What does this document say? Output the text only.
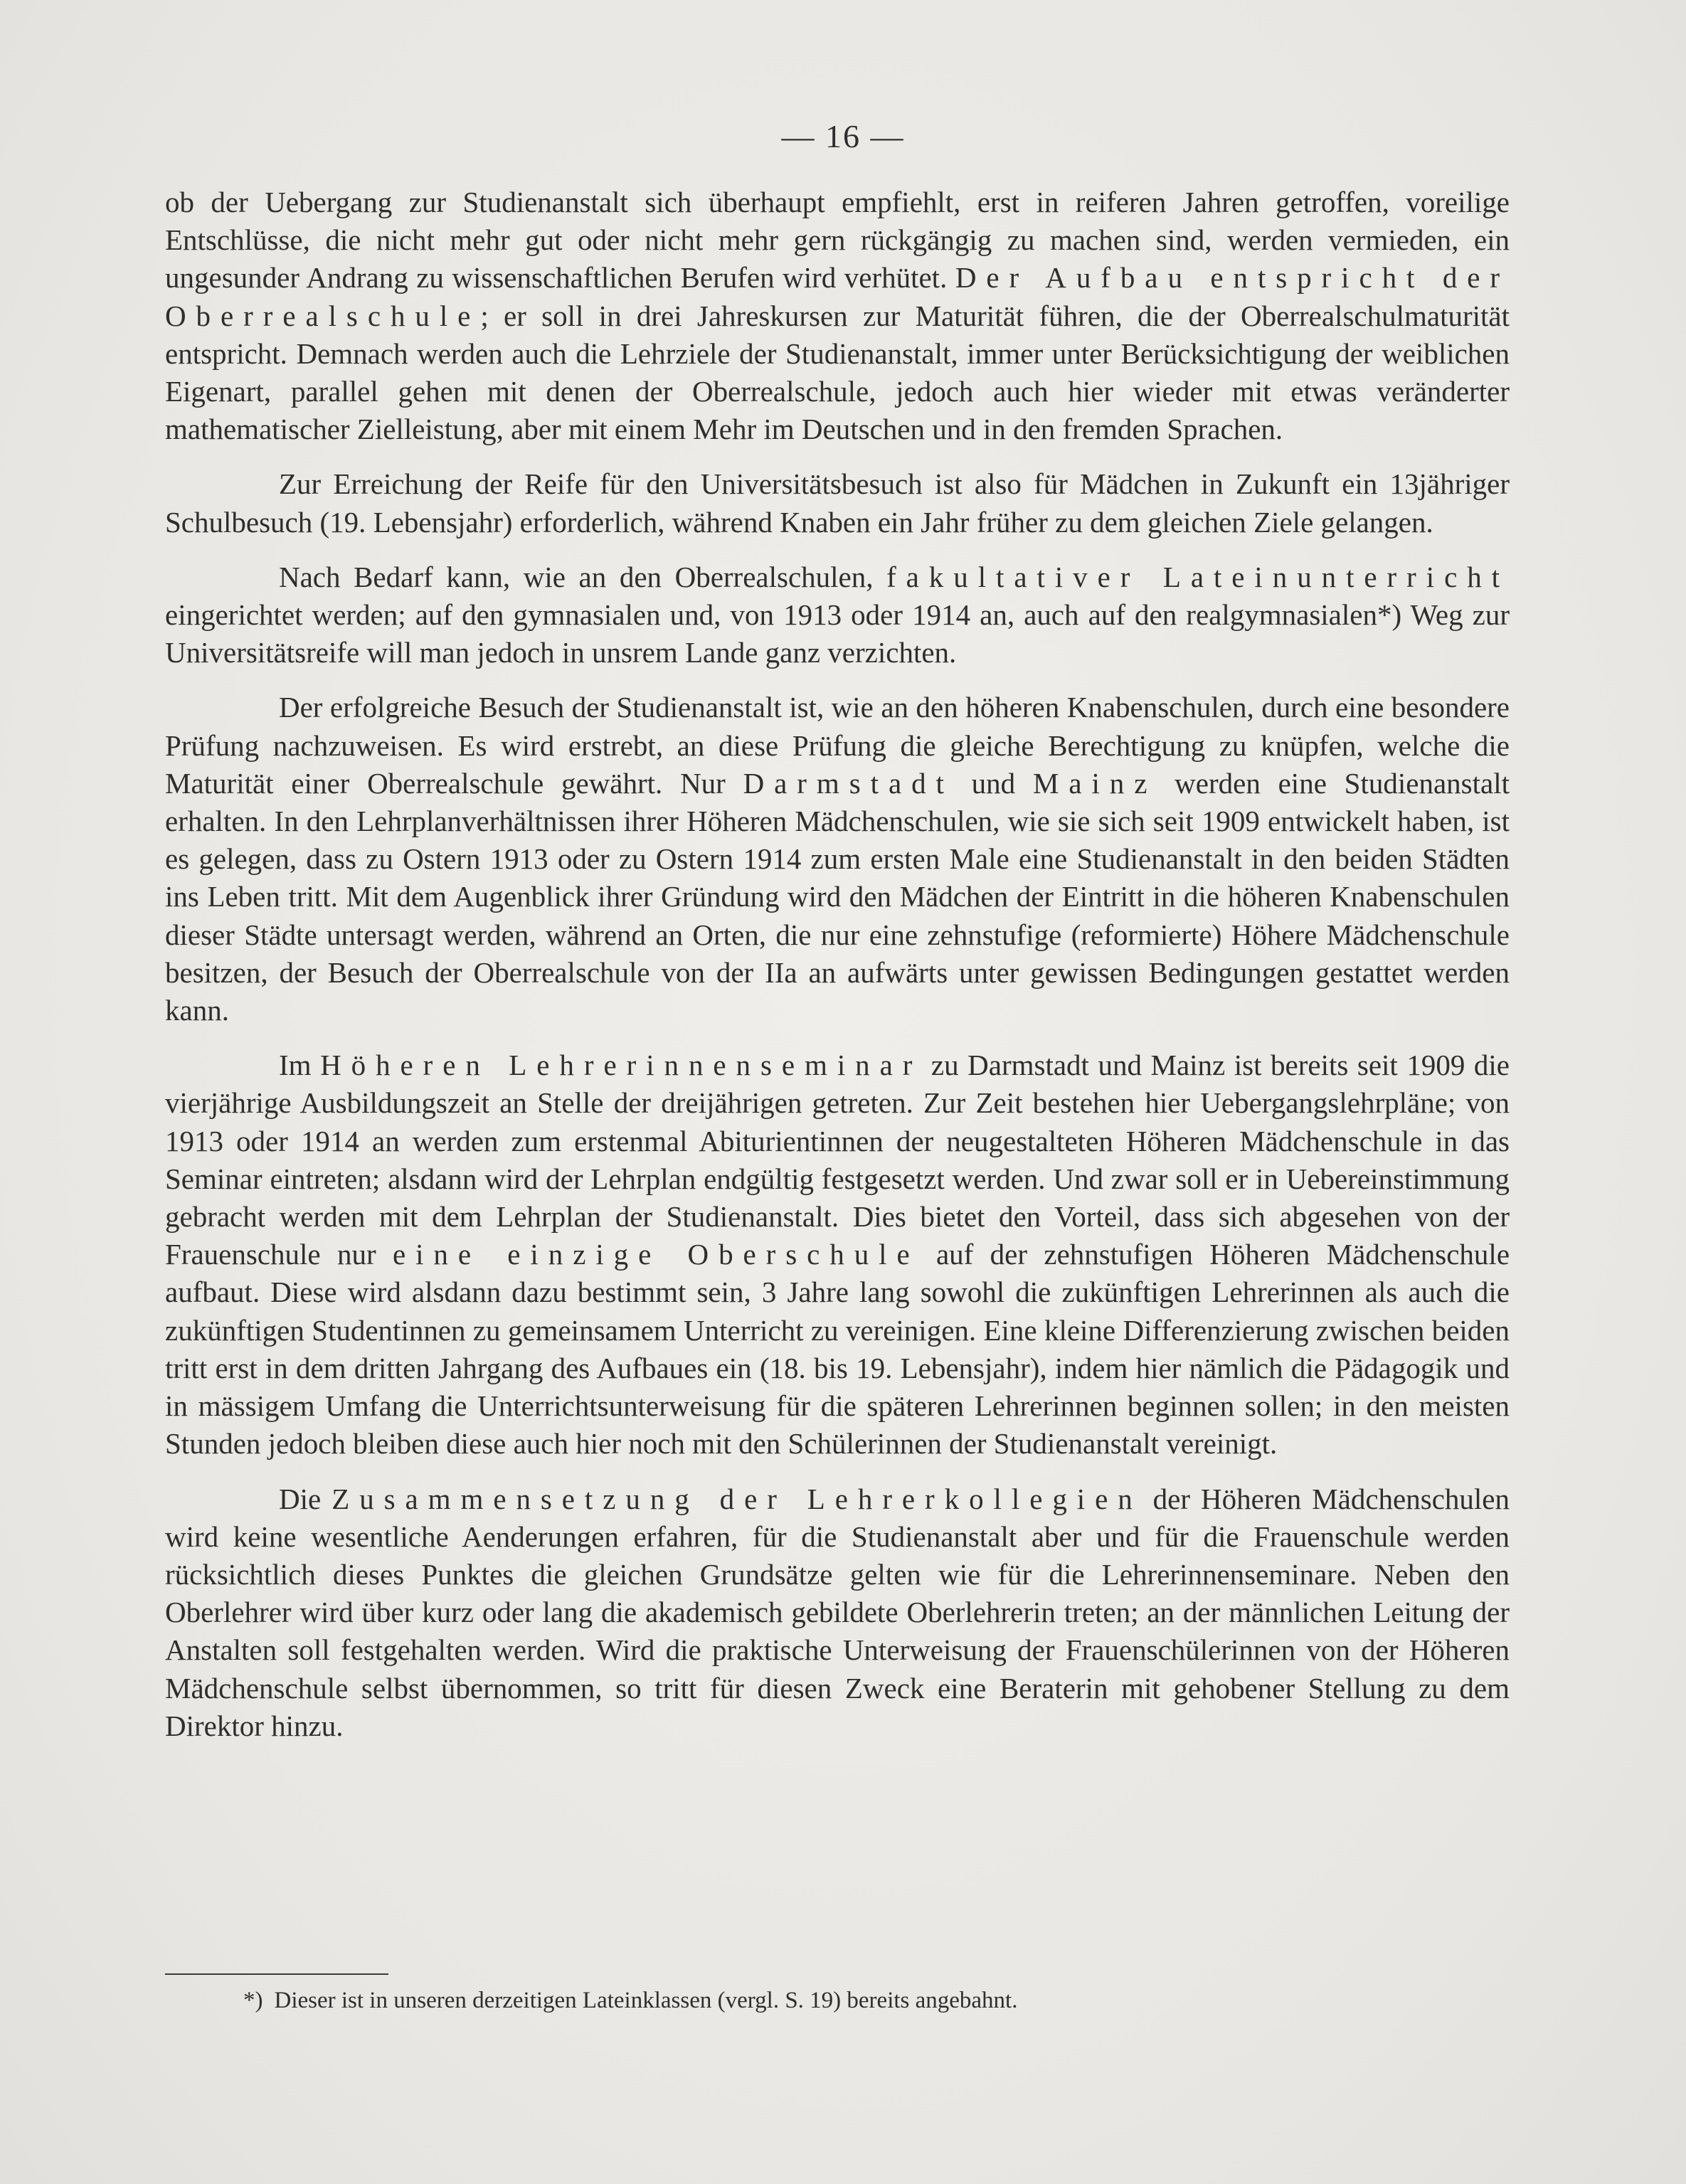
— 16 —

ob der Uebergang zur Studienanstalt sich überhaupt empfiehlt, erst in reiferen Jahren getroffen, voreilige Entschlüsse, die nicht mehr gut oder nicht mehr gern rückgängig zu machen sind, werden vermieden, ein ungesunder Andrang zu wissenschaftlichen Berufen wird verhütet. Der Aufbau entspricht der Oberrealschule; er soll in drei Jahreskursen zur Maturität führen, die der Oberrealschulmaturität entspricht. Demnach werden auch die Lehrziele der Studienanstalt, immer unter Berücksichtigung der weiblichen Eigenart, parallel gehen mit denen der Oberrealschule, jedoch auch hier wieder mit etwas veränderter mathematischer Zielleistung, aber mit einem Mehr im Deutschen und in den fremden Sprachen.

Zur Erreichung der Reife für den Universitätsbesuch ist also für Mädchen in Zukunft ein 13jähriger Schulbesuch (19. Lebensjahr) erforderlich, während Knaben ein Jahr früher zu dem gleichen Ziele gelangen.

Nach Bedarf kann, wie an den Oberrealschulen, fakultativer Lateinunterricht eingerichtet werden; auf den gymnasialen und, von 1913 oder 1914 an, auch auf den realgymnasialen*) Weg zur Universitätsreife will man jedoch in unsrem Lande ganz verzichten.

Der erfolgreiche Besuch der Studienanstalt ist, wie an den höheren Knabenschulen, durch eine besondere Prüfung nachzuweisen. Es wird erstrebt, an diese Prüfung die gleiche Berechtigung zu knüpfen, welche die Maturität einer Oberrealschule gewährt. Nur Darmstadt und Mainz werden eine Studienanstalt erhalten. In den Lehrplanverhältnissen ihrer Höheren Mädchenschulen, wie sie sich seit 1909 entwickelt haben, ist es gelegen, dass zu Ostern 1913 oder zu Ostern 1914 zum ersten Male eine Studienanstalt in den beiden Städten ins Leben tritt. Mit dem Augenblick ihrer Gründung wird den Mädchen der Eintritt in die höheren Knabenschulen dieser Städte untersagt werden, während an Orten, die nur eine zehnstufige (reformierte) Höhere Mädchenschule besitzen, der Besuch der Oberrealschule von der IIa an aufwärts unter gewissen Bedingungen gestattet werden kann.

Im Höheren Lehrerinnenseminar zu Darmstadt und Mainz ist bereits seit 1909 die vierjährige Ausbildungszeit an Stelle der dreijährigen getreten. Zur Zeit bestehen hier Uebergangslehrpläne; von 1913 oder 1914 an werden zum erstenmal Abiturientinnen der neugestalteten Höheren Mädchenschule in das Seminar eintreten; alsdann wird der Lehrplan endgültig festgesetzt werden. Und zwar soll er in Uebereinstimmung gebracht werden mit dem Lehrplan der Studienanstalt. Dies bietet den Vorteil, dass sich abgesehen von der Frauenschule nur eine einzige Oberschule auf der zehnstufigen Höheren Mädchenschule aufbaut. Diese wird alsdann dazu bestimmt sein, 3 Jahre lang sowohl die zukünftigen Lehrerinnen als auch die zukünftigen Studentinnen zu gemeinsamem Unterricht zu vereinigen. Eine kleine Differenzierung zwischen beiden tritt erst in dem dritten Jahrgang des Aufbaues ein (18. bis 19. Lebensjahr), indem hier nämlich die Pädagogik und in mässigem Umfang die Unterrichtsunterweisung für die späteren Lehrerinnen beginnen sollen; in den meisten Stunden jedoch bleiben diese auch hier noch mit den Schülerinnen der Studienanstalt vereinigt.

Die Zusammensetzung der Lehrerkollegien der Höheren Mädchenschulen wird keine wesentliche Aenderungen erfahren, für die Studienanstalt aber und für die Frauenschule werden rücksichtlich dieses Punktes die gleichen Grundsätze gelten wie für die Lehrerinnenseminare. Neben den Oberlehrer wird über kurz oder lang die akademisch gebildete Oberlehrerin treten; an der männlichen Leitung der Anstalten soll festgehalten werden. Wird die praktische Unterweisung der Frauenschülerinnen von der Höheren Mädchenschule selbst übernommen, so tritt für diesen Zweck eine Beraterin mit gehobener Stellung zu dem Direktor hinzu.

*) Dieser ist in unseren derzeitigen Lateinklassen (vergl. S. 19) bereits angebahnt.
